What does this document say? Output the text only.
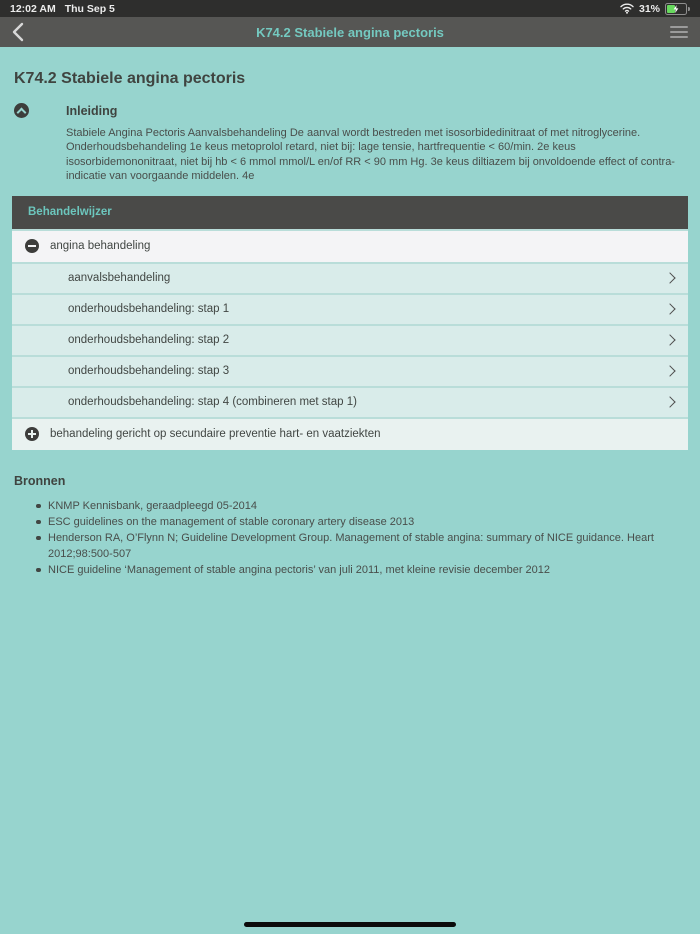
12:02 AM Thu Sep 5	31%
K74.2 Stabiele angina pectoris
K74.2 Stabiele angina pectoris
Inleiding

Stabiele Angina Pectoris Aanvalsbehandeling De aanval wordt bestreden met isosorbidedinitraat of met nitroglycerine. Onderhoudsbehandeling 1e keus metoprolol retard, niet bij: lage tensie, hartfrequentie < 60/min. 2e keus isosorbidemononitraat, niet bij hb < 6 mmol mmol/L en/of RR < 90 mm Hg. 3e keus diltiazem bij onvoldoende effect of contra-indicatie van voorgaande middelen. 4e

Behandelwijzer
angina behandeling
aanvalsbehandeling
onderhoudsbehandeling: stap 1
onderhoudsbehandeling: stap 2
onderhoudsbehandeling: stap 3
onderhoudsbehandeling: stap 4 (combineren met stap 1)
behandeling gericht op secundaire preventie hart- en vaatziekten
Bronnen
KNMP Kennisbank, geraadpleegd 05-2014
ESC guidelines on the management of stable coronary artery disease 2013
Henderson RA, O’Flynn N; Guideline Development Group. Management of stable angina: summary of NICE guidance. Heart 2012;98:500-507
NICE guideline ‘Management of stable angina pectoris’ van juli 2011, met kleine revisie december 2012
